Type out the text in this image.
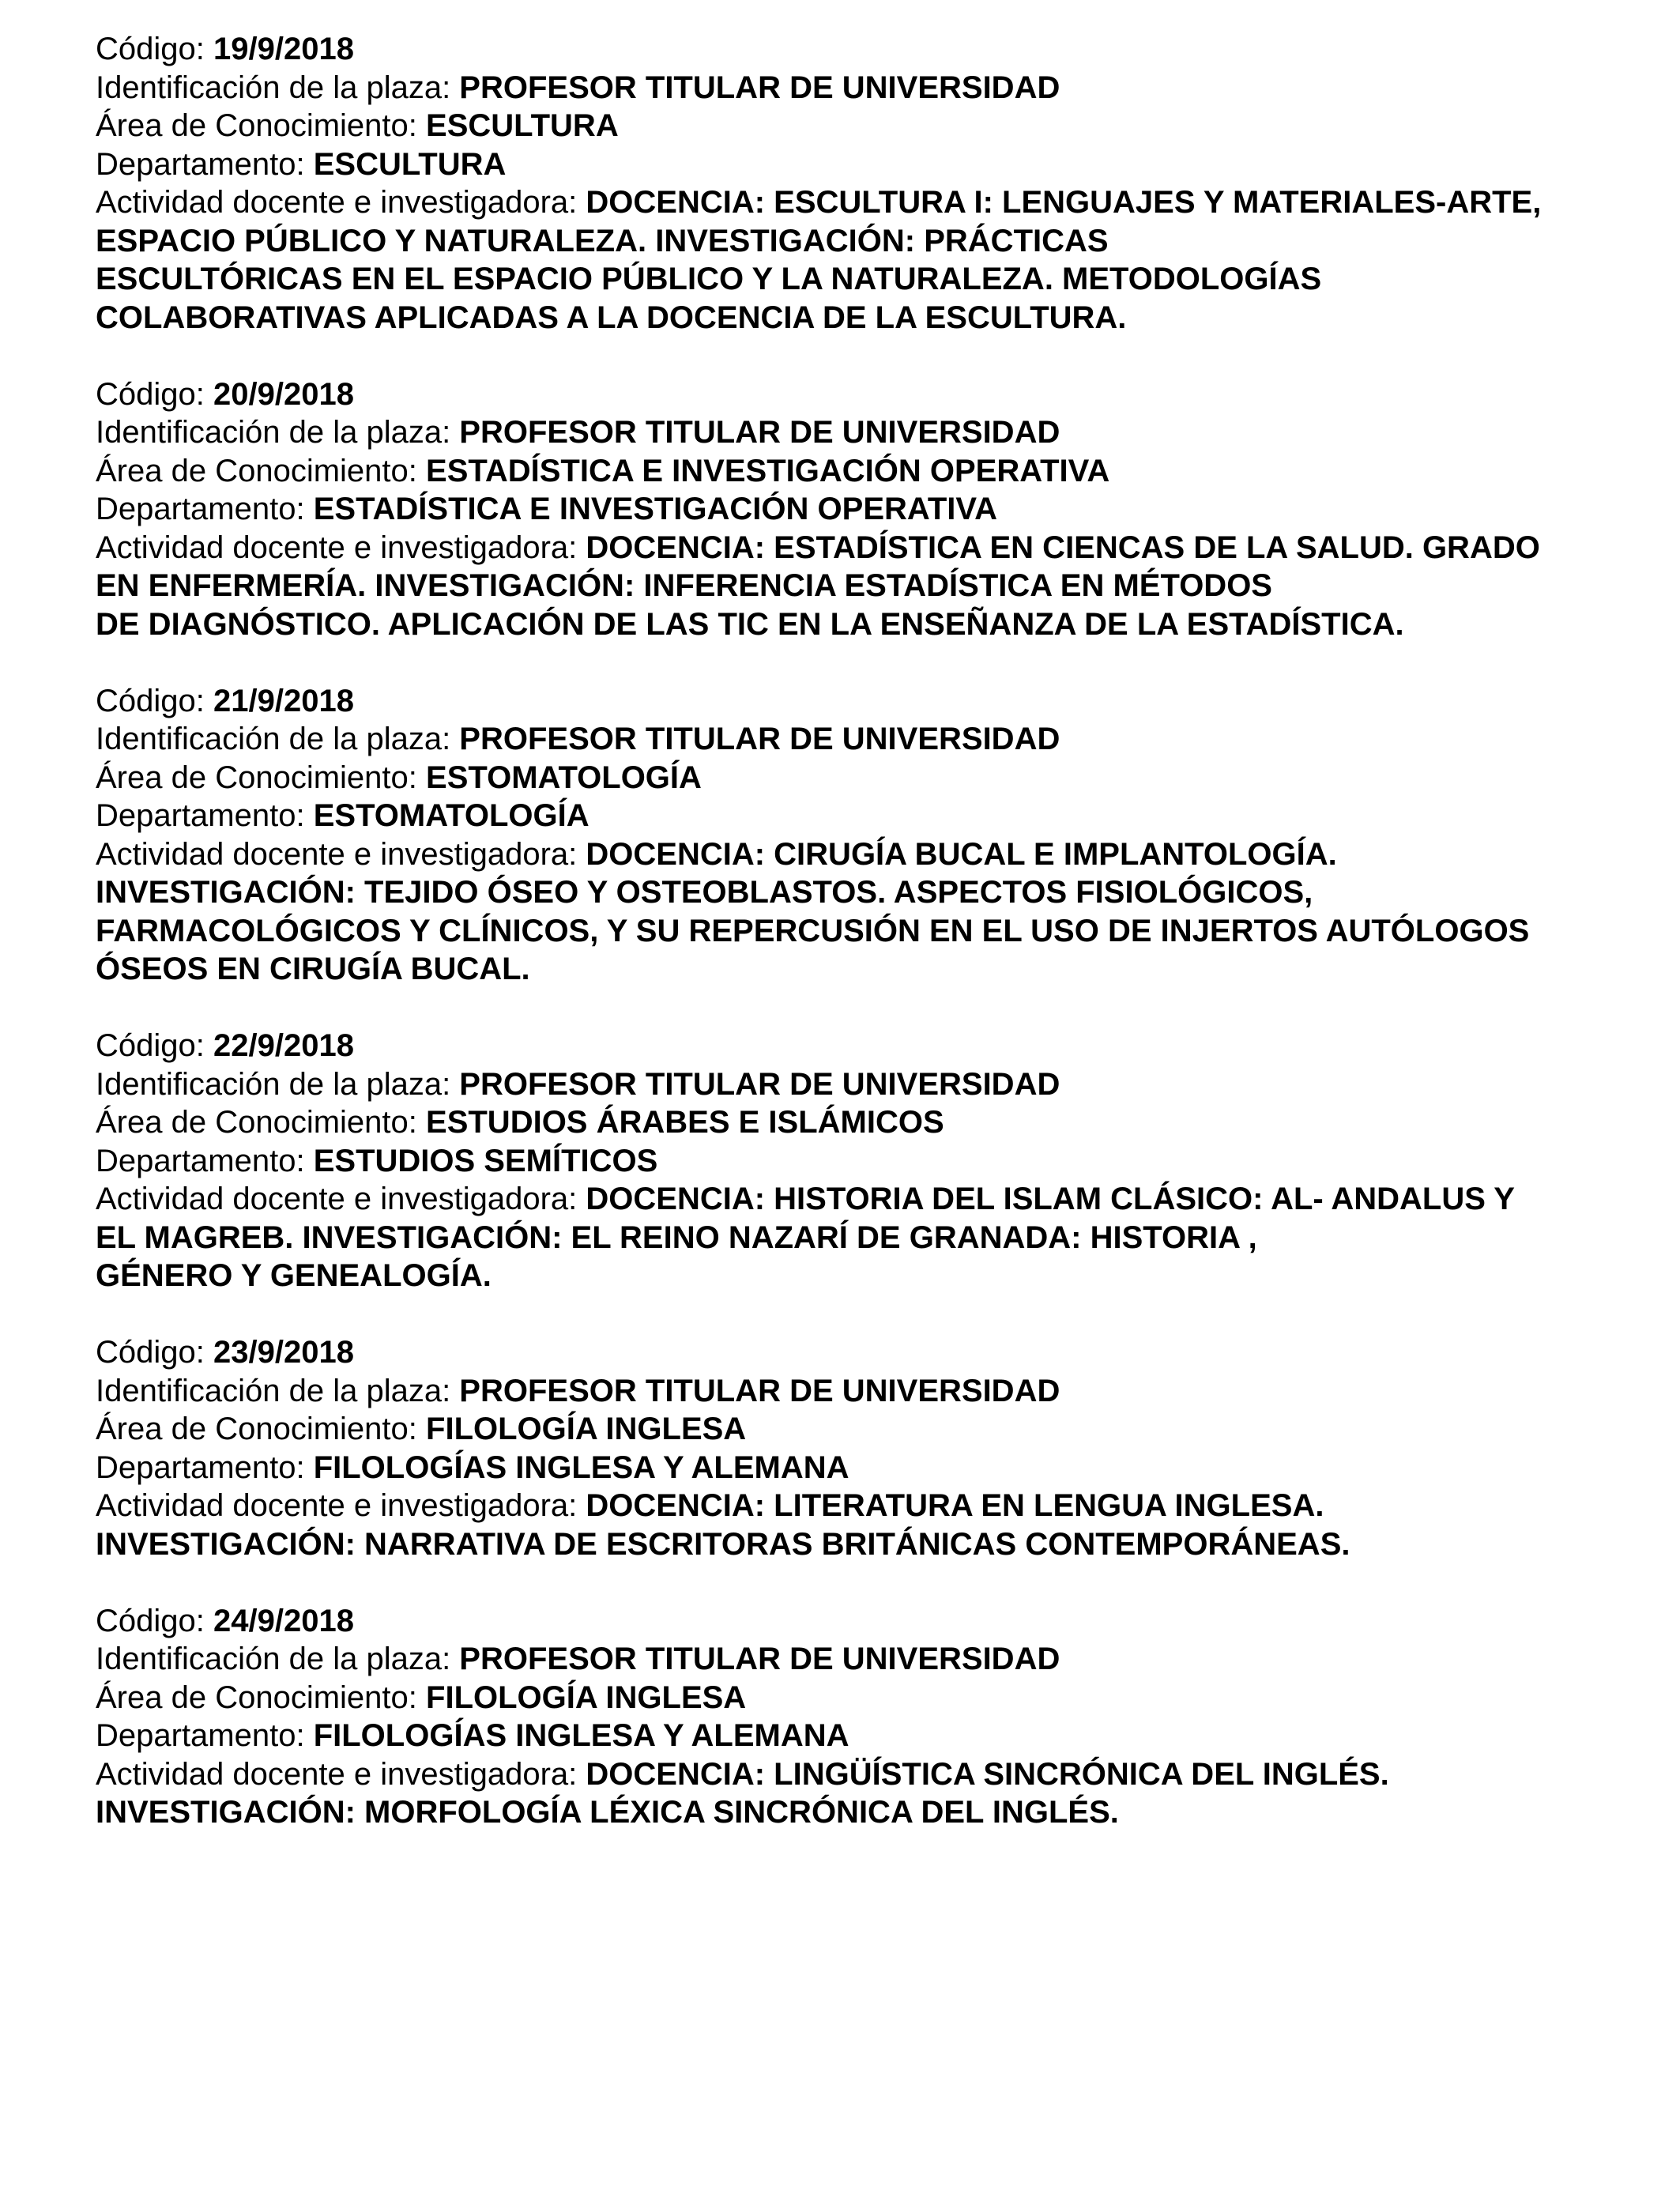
Código: 19/9/2018
Identificación de la plaza: PROFESOR TITULAR DE UNIVERSIDAD
Área de Conocimiento: ESCULTURA
Departamento: ESCULTURA
Actividad docente e investigadora: DOCENCIA: ESCULTURA I: LENGUAJES Y MATERIALES-ARTE,
ESPACIO PÚBLICO Y NATURALEZA. INVESTIGACIÓN: PRÁCTICAS
ESCULTÓRICAS EN EL ESPACIO PÚBLICO Y LA NATURALEZA. METODOLOGÍAS
COLABORATIVAS APLICADAS A LA DOCENCIA DE LA ESCULTURA.
Código: 20/9/2018
Identificación de la plaza: PROFESOR TITULAR DE UNIVERSIDAD
Área de Conocimiento: ESTADÍSTICA E INVESTIGACIÓN OPERATIVA
Departamento: ESTADÍSTICA E INVESTIGACIÓN OPERATIVA
Actividad docente e investigadora: DOCENCIA: ESTADÍSTICA EN CIENCAS DE LA SALUD. GRADO
EN ENFERMERÍA. INVESTIGACIÓN: INFERENCIA ESTADÍSTICA EN MÉTODOS
DE DIAGNÓSTICO. APLICACIÓN DE LAS TIC EN LA ENSEÑANZA DE LA ESTADÍSTICA.
Código: 21/9/2018
Identificación de la plaza: PROFESOR TITULAR DE UNIVERSIDAD
Área de Conocimiento: ESTOMATOLOGÍA
Departamento: ESTOMATOLOGÍA
Actividad docente e investigadora: DOCENCIA: CIRUGÍA BUCAL E IMPLANTOLOGÍA.
INVESTIGACIÓN: TEJIDO ÓSEO Y OSTEOBLASTOS. ASPECTOS FISIOLÓGICOS,
FARMACOLÓGICOS Y CLÍNICOS, Y SU REPERCUSIÓN EN EL USO DE INJERTOS AUTÓLOGOS
ÓSEOS EN CIRUGÍA BUCAL.
Código: 22/9/2018
Identificación de la plaza: PROFESOR TITULAR DE UNIVERSIDAD
Área de Conocimiento: ESTUDIOS ÁRABES E ISLÁMICOS
Departamento: ESTUDIOS SEMÍTICOS
Actividad docente e investigadora: DOCENCIA: HISTORIA DEL ISLAM CLÁSICO: AL- ANDALUS Y
EL MAGREB. INVESTIGACIÓN: EL REINO NAZARÍ DE GRANADA: HISTORIA ,
GÉNERO Y GENEALOGÍA.
Código: 23/9/2018
Identificación de la plaza: PROFESOR TITULAR DE UNIVERSIDAD
Área de Conocimiento: FILOLOGÍA INGLESA
Departamento: FILOLOGÍAS INGLESA Y ALEMANA
Actividad docente e investigadora: DOCENCIA: LITERATURA EN LENGUA INGLESA.
INVESTIGACIÓN: NARRATIVA DE ESCRITORAS BRITÁNICAS CONTEMPORÁNEAS.
Código: 24/9/2018
Identificación de la plaza: PROFESOR TITULAR DE UNIVERSIDAD
Área de Conocimiento: FILOLOGÍA INGLESA
Departamento: FILOLOGÍAS INGLESA Y ALEMANA
Actividad docente e investigadora: DOCENCIA: LINGÜÍSTICA SINCRÓNICA DEL INGLÉS.
INVESTIGACIÓN: MORFOLOGÍA LÉXICA SINCRÓNICA DEL INGLÉS.
